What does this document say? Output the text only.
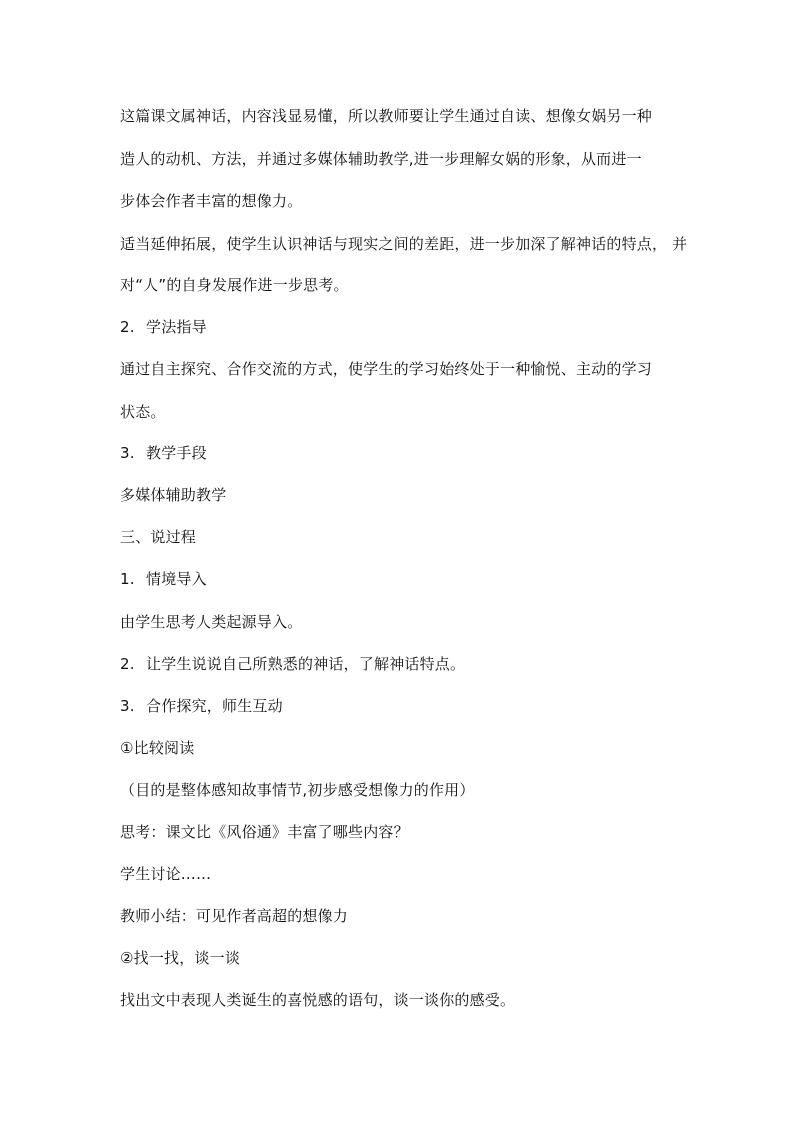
这篇课文属神话，内容浅显易懂，所以教师要让学生通过自读、想像女娲另一种
造人的动机、方法，并通过多媒体辅助教学,进一步理解女娲的形象，从而进一
步体会作者丰富的想像力。
适当延伸拓展，使学生认识神话与现实之间的差距，进一步加深了解神话的特点， 并
对“人”的自身发展作进一步思考。
2. 学法指导
通过自主探究、合作交流的方式，使学生的学习始终处于一种愉悦、主动的学习
状态。
3. 教学手段
多媒体辅助教学
三、说过程
1. 情境导入
由学生思考人类起源导入。
2. 让学生说说自己所熟悉的神话，了解神话特点。
3. 合作探究，师生互动
①比较阅读
（目的是整体感知故事情节,初步感受想像力的作用）
思考：课文比《风俗通》丰富了哪些内容？
学生讨论……
教师小结：可见作者高超的想像力
②找一找，谈一谈
找出文中表现人类诞生的喜悦感的语句，谈一谈你的感受。
